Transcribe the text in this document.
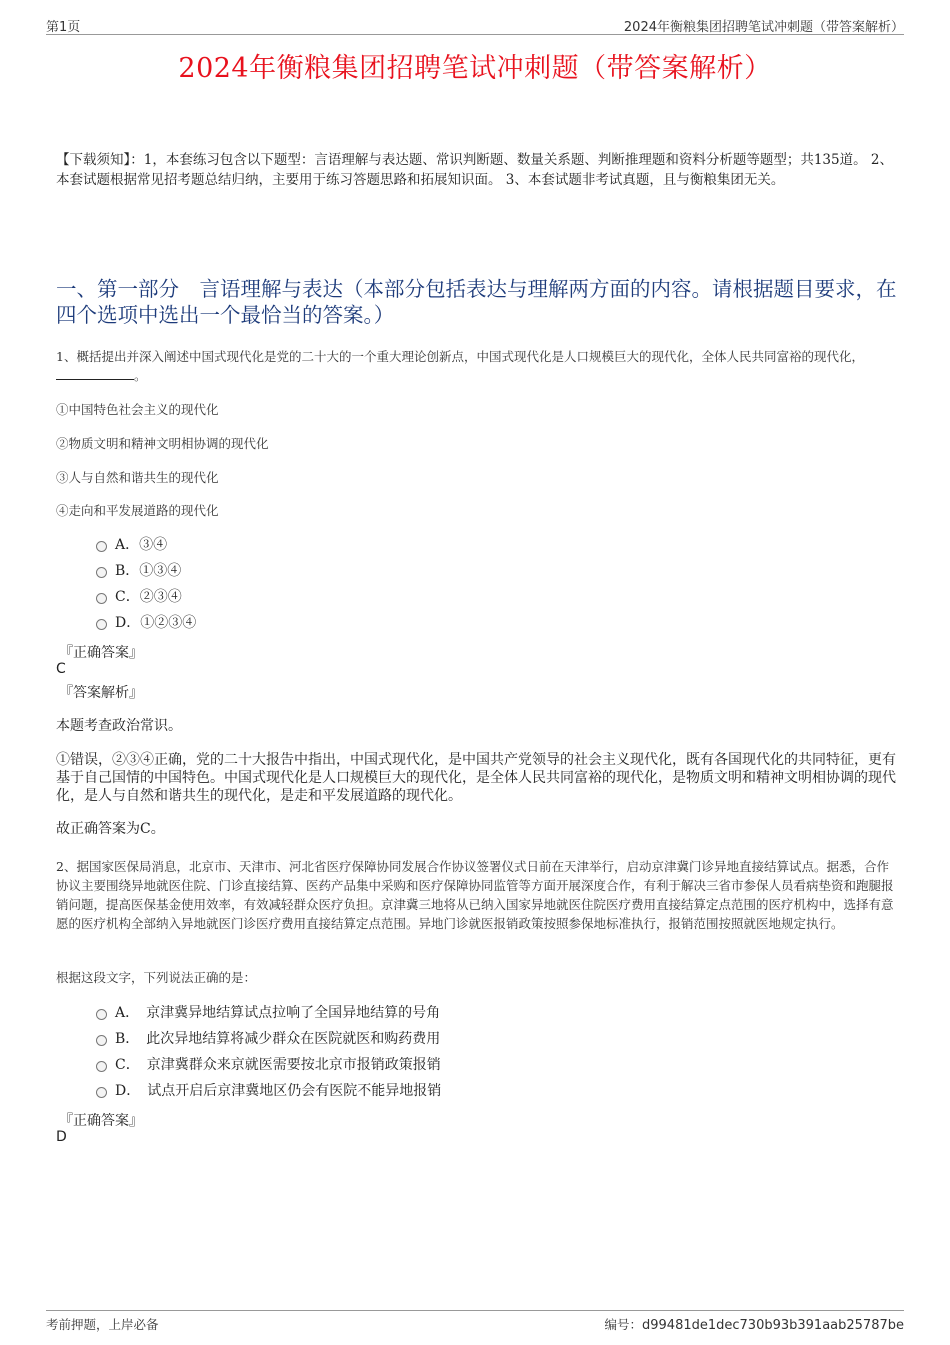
第1页	2024年衡粮集团招聘笔试冲刺题（带答案解析）
2024年衡粮集团招聘笔试冲刺题（带答案解析）
【下载须知】：1，本套练习包含以下题型：言语理解与表达题、常识判断题、数量关系题、判断推理题和资料分析题等题型；共135道。 2、本套试题根据常见招考题总结归纳，主要用于练习答题思路和拓展知识面。 3、本套试题非考试真题，且与衡粮集团无关。
一、第一部分　言语理解与表达（本部分包括表达与理解两方面的内容。请根据题目要求，在四个选项中选出一个最恰当的答案。）
1、概括提出并深入阐述中国式现代化是党的二十大的一个重大理论创新点，中国式现代化是人口规模巨大的现代化，全体人民共同富裕的现代化，。
①中国特色社会主义的现代化
②物质文明和精神文明相协调的现代化
③人与自然和谐共生的现代化
④走向和平发展道路的现代化
A．③④
B．①③④
C．②③④
D．①②③④
『正确答案』
C
『答案解析』
本题考查政治常识。
①错误，②③④正确，党的二十大报告中指出，中国式现代化，是中国共产党领导的社会主义现代化，既有各国现代化的共同特征，更有基于自己国情的中国特色。中国式现代化是人口规模巨大的现代化，是全体人民共同富裕的现代化，是物质文明和精神文明相协调的现代化，是人与自然和谐共生的现代化，是走和平发展道路的现代化。
故正确答案为C。
2、据国家医保局消息，北京市、天津市、河北省医疗保障协同发展合作协议签署仪式日前在天津举行，启动京津冀门诊异地直接结算试点。据悉，合作协议主要围绕异地就医住院、门诊直接结算、医药产品集中采购和医疗保障协同监管等方面开展深度合作，有利于解决三省市参保人员看病垫资和跑腿报销问题，提高医保基金使用效率，有效减轻群众医疗负担。京津冀三地将从已纳入国家异地就医住院医疗费用直接结算定点范围的医疗机构中，选择有意愿的医疗机构全部纳入异地就医门诊医疗费用直接结算定点范围。异地门诊就医报销政策按照参保地标准执行，报销范围按照就医地规定执行。
根据这段文字，下列说法正确的是：
A．　京津冀异地结算试点拉响了全国异地结算的号角
B．　此次异地结算将减少群众在医院就医和购药费用
C．　京津冀群众来京就医需要按北京市报销政策报销
D．　试点开启后京津冀地区仍会有医院不能异地报销
『正确答案』
D
考前押题，上岸必备	编号：d99481de1dec730b93b391aab25787be
